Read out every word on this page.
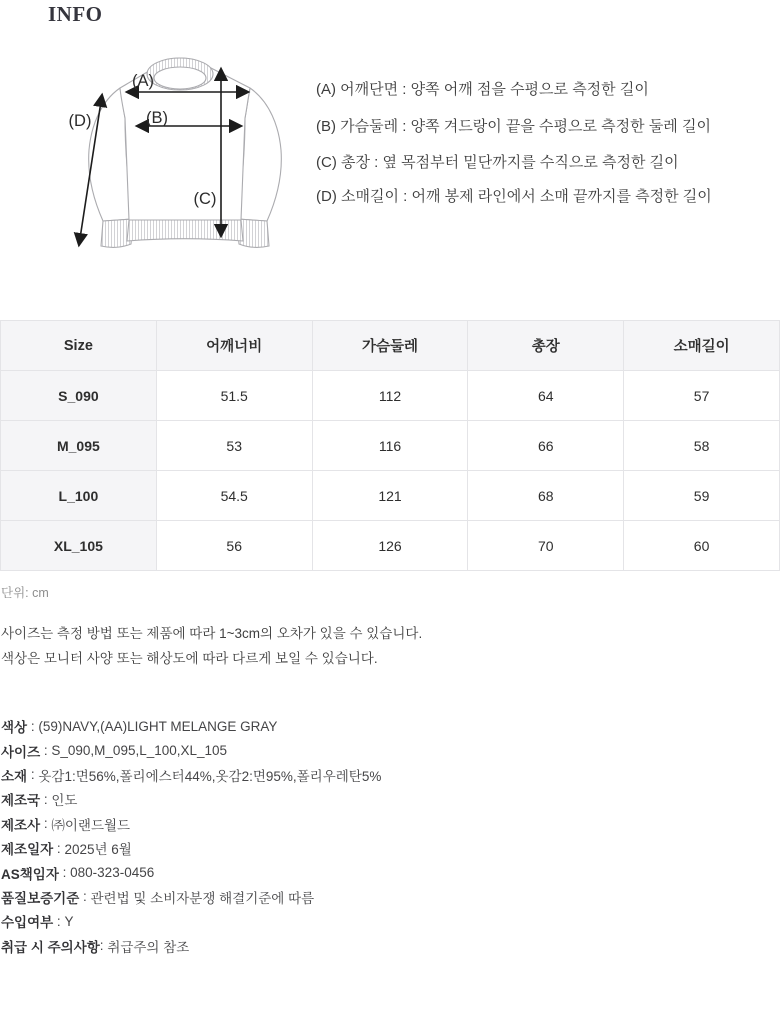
INFO
(A)
(B)
(C)
(D)
(A) 어깨단면 : 양쪽 어깨 점을 수평으로 측정한 길이
(B) 가슴둘레 : 양쪽 겨드랑이 끝을 수평으로 측정한 둘레 길이
(C) 총장 : 옆 목점부터 밑단까지를 수직으로 측정한 길이
(D) 소매길이 : 어깨 봉제 라인에서 소매 끝까지를 측정한 길이
Size	어깨너비	가슴둘레	총장	소매길이
S_090	51.5	112	64	57
M_095	53	116	66	58
L_100	54.5	121	68	59
XL_105	56	126	70	60
단위: cm
사이즈는 측정 방법 또는 제품에 따라 1~3cm의 오차가 있을 수 있습니다.
색상은 모니터 사양 또는 해상도에 따라 다르게 보일 수 있습니다.
색상 : (59)NAVY,(AA)LIGHT MELANGE GRAY
사이즈 : S_090,M_095,L_100,XL_105
소재 : 옷감1:면56%,폴리에스터44%,옷감2:면95%,폴리우레탄5%
제조국 : 인도
제조사 : ㈜이랜드월드
제조일자 : 2025년 6월
AS책임자 : 080-323-0456
품질보증기준 : 관련법 및 소비자분쟁 해결기준에 따름
수입여부 : Y
취급 시 주의사항 : 취급주의 참조
